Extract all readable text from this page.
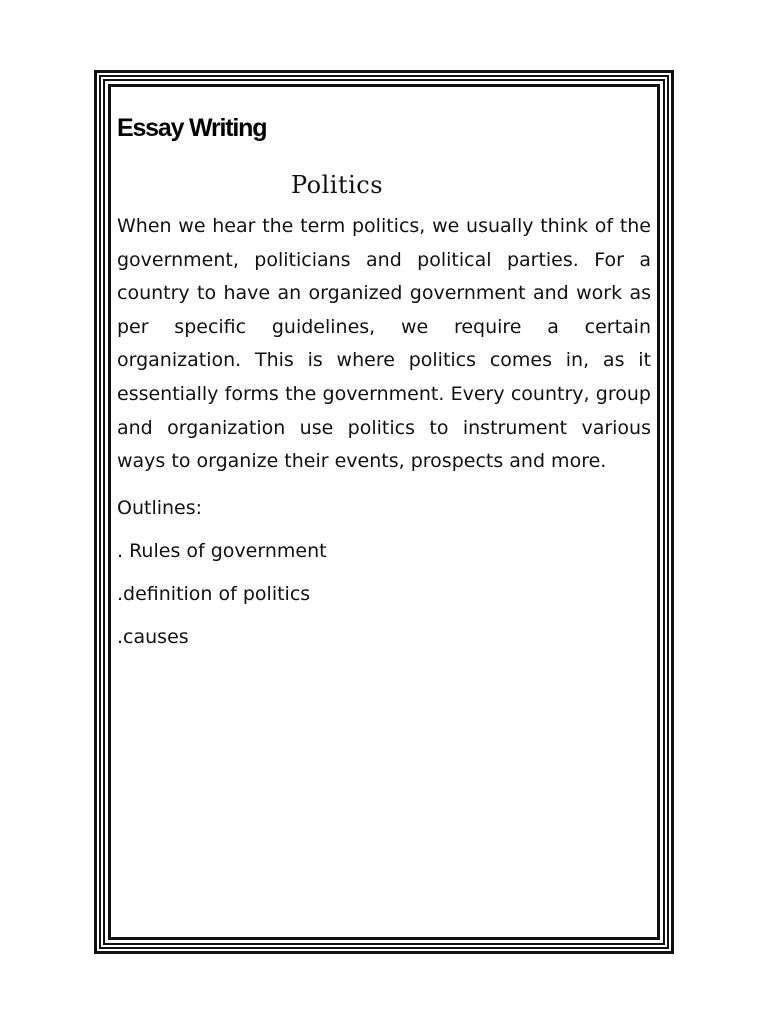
Essay Writing
Politics

When we hear the term politics, we usually think of the government, politicians and political parties. For a country to have an organized government and work as per specific guidelines, we require a certain organization. This is where politics comes in, as it essentially forms the government. Every country, group and organization use politics to instrument various ways to organize their events, prospects and more.

Outlines:

. Rules of government

.definition of politics

.causes
